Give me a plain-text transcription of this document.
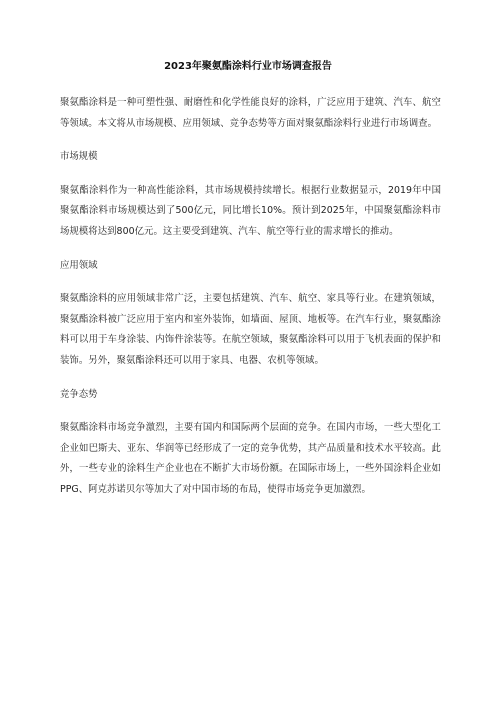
2023年聚氨酯涂料行业市场调查报告

聚氨酯涂料是一种可塑性强、耐磨性和化学性能良好的涂料，广泛应用于建筑、汽车、航空等领域。本文将从市场规模、应用领域、竞争态势等方面对聚氨酯涂料行业进行市场调查。

市场规模

聚氨酯涂料作为一种高性能涂料，其市场规模持续增长。根据行业数据显示，2019年中国聚氨酯涂料市场规模达到了500亿元，同比增长10%。预计到2025年，中国聚氨酯涂料市场规模将达到800亿元。这主要受到建筑、汽车、航空等行业的需求增长的推动。

应用领域

聚氨酯涂料的应用领域非常广泛，主要包括建筑、汽车、航空、家具等行业。在建筑领域，聚氨酯涂料被广泛应用于室内和室外装饰，如墙面、屋顶、地板等。在汽车行业，聚氨酯涂料可以用于车身涂装、内饰件涂装等。在航空领域，聚氨酯涂料可以用于飞机表面的保护和装饰。另外，聚氨酯涂料还可以用于家具、电器、农机等领域。

竞争态势

聚氨酯涂料市场竞争激烈，主要有国内和国际两个层面的竞争。在国内市场，一些大型化工企业如巴斯夫、亚东、华润等已经形成了一定的竞争优势，其产品质量和技术水平较高。此外，一些专业的涂料生产企业也在不断扩大市场份额。在国际市场上，一些外国涂料企业如PPG、阿克苏诺贝尔等加大了对中国市场的布局，使得市场竞争更加激烈。
